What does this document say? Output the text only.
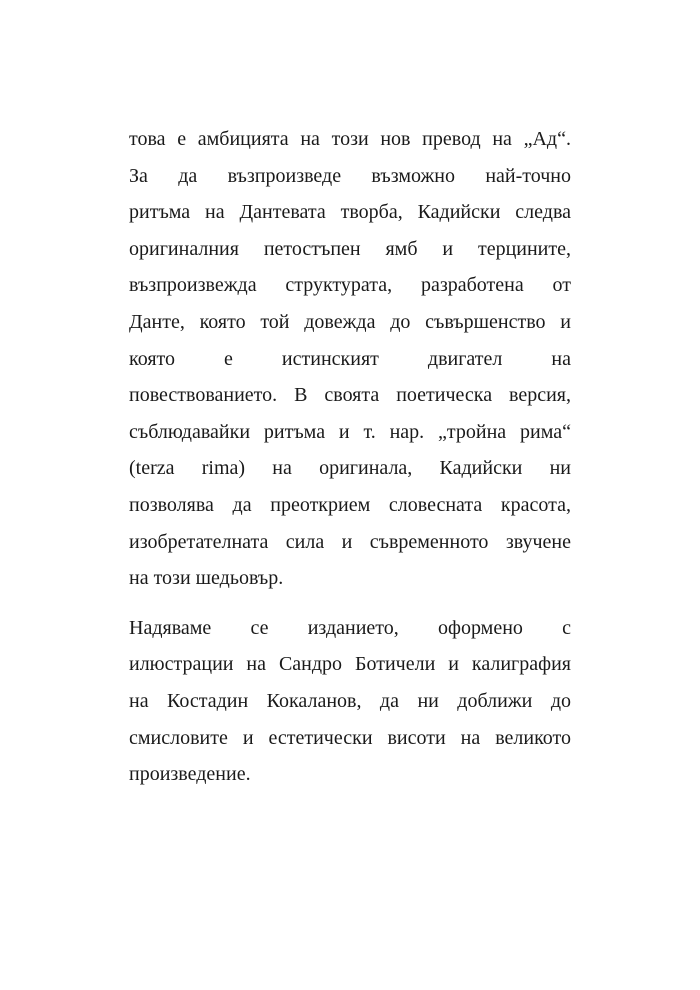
това е амбицията на този нов превод на „Ад“.
За да възпроизведе възможно най-точно
ритъма на Дантевата творба, Кадийски следва
оригиналния петостъпен ямб и терцините,
възпроизвежда структурата, разработена от
Данте, която той довежда до съвършенство и
която е истинският двигател на
повествованието. В своята поетическа версия,
съблюдавайки ритъма и т. нар. „тройна рима“
(terza rima) на оригинала, Кадийски ни
позволява да преоткрием словесната красота,
изобретателната сила и съвременното звучене
на този шедьовър.

Надяваме се изданието, оформено с
илюстрации на Сандро Ботичели и калиграфия
на Костадин Кокаланов, да ни доближи до
смисловите и естетически висоти на великото
произведение.
